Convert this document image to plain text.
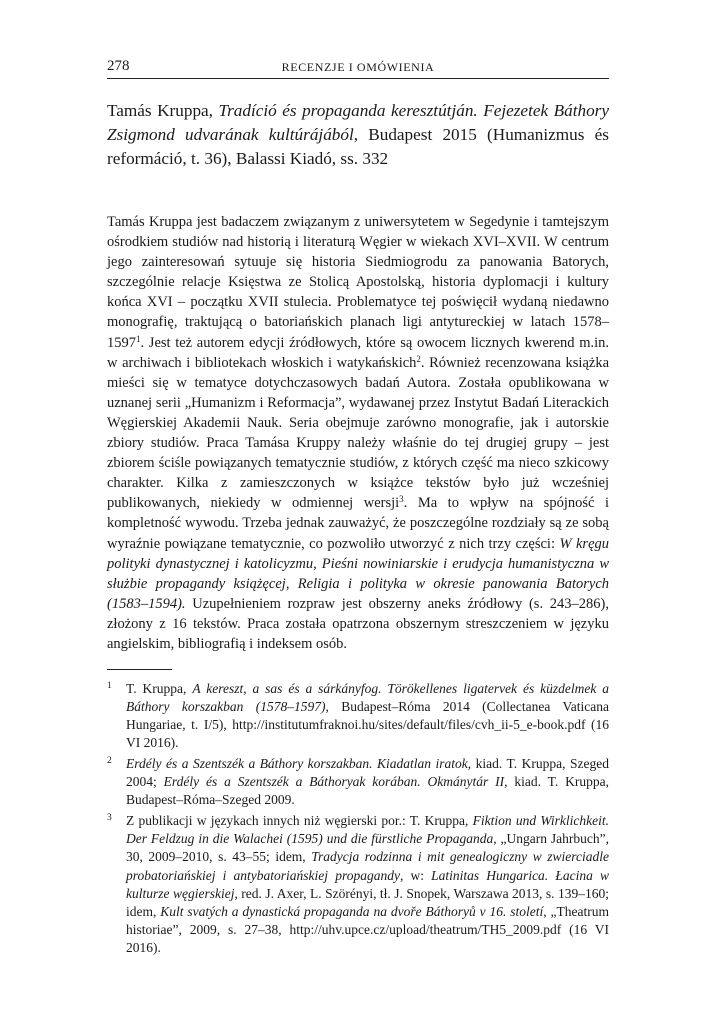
278	RECENZJE I OMÓWIENIA
Tamás Kruppa, Tradíció és propaganda keresztútján. Fejezetek Báthory Zsigmond udvarának kultúrájából, Budapest 2015 (Humanizmus és reformáció, t. 36), Balassi Kiadó, ss. 332

Tamás Kruppa jest badaczem związanym z uniwersytetem w Segedynie i tamtejszym ośrodkiem studiów nad historią i literaturą Węgier w wiekach XVI–XVII. W centrum jego zainteresowań sytuuje się historia Siedmiogrodu za panowania Batorych, szczególnie relacje Księstwa ze Stolicą Apostolską, historia dyplomacji i kultury końca XVI – początku XVII stulecia. Problematyce tej poświęcił wydaną niedawno monografię, traktującą o batoriańskich planach ligi antytureckiej w latach 1578–1597$^1$. Jest też autorem edycji źródłowych, które są owocem licznych kwerend m.in. w archiwach i bibliotekach włoskich i watykańskich$^2$. Również recenzowana książka mieści się w tematyce dotychczasowych badań Autora. Została opublikowana w uznanej serii „Humanizm i Reformacja”, wydawanej przez Instytut Badań Literackich Węgierskiej Akademii Nauk. Seria obejmuje zarówno monografie, jak i autorskie zbiory studiów. Praca Tamása Kruppy należy właśnie do tej drugiej grupy – jest zbiorem ściśle powiązanych tematycznie studiów, z których część ma nieco szkicowy charakter. Kilka z zamieszczonych w książce tekstów było już wcześniej publikowanych, niekiedy w odmiennej wersji$^3$. Ma to wpływ na spójność i kompletność wywodu. Trzeba jednak zauważyć, że poszczególne rozdziały są ze sobą wyraźnie powiązane tematycznie, co pozwoliło utworzyć z nich trzy części: W kręgu polityki dynastycznej i katolicyzmu, Pieśni nowiniarskie i erudycja humanistyczna w służbie propagandy książęcej, Religia i polityka w okresie panowania Batorych (1583–1594). Uzupełnieniem rozpraw jest obszerny aneks źródłowy (s. 243–286), złożony z 16 tekstów. Praca została opatrzona obszernym streszczeniem w języku angielskim, bibliografią i indeksem osób.

1 T. Kruppa, A kereszt, a sas és a sárkányfog. Törökellenes ligatervek és küzdelmek a Báthory korszakban (1578–1597), Budapest–Róma 2014 (Collectanea Vaticana Hungariae, t. I/5), http://institutumfraknoi.hu/sites/default/files/cvh_ii-5_e-book.pdf (16 VI 2016).
2 Erdély és a Szentszék a Báthory korszakban. Kiadatlan iratok, kiad. T. Kruppa, Szeged 2004; Erdély és a Szentszék a Báthoryak korában. Okmánytár II, kiad. T. Kruppa, Budapest–Róma–Szeged 2009.
3 Z publikacji w językach innych niż węgierski por.: T. Kruppa, Fiktion und Wirklichkeit. Der Feldzug in die Walachei (1595) und die fürstliche Propaganda, „Ungarn Jahrbuch”, 30, 2009–2010, s. 43–55; idem, Tradycja rodzinna i mit genealogiczny w zwierciadle probatoriańskiej i antybatoriańskiej propagandy, w: Latinitas Hungarica. Łacina w kulturze węgierskiej, red. J. Axer, L. Szörényi, tł. J. Snopek, Warszawa 2013, s. 139–160; idem, Kult svatých a dynastická propaganda na dvoře Báthoryů v 16. století, „Theatrum historiae”, 2009, s. 27–38, http://uhv.upce.cz/upload/theatrum/TH5_2009.pdf (16 VI 2016).
